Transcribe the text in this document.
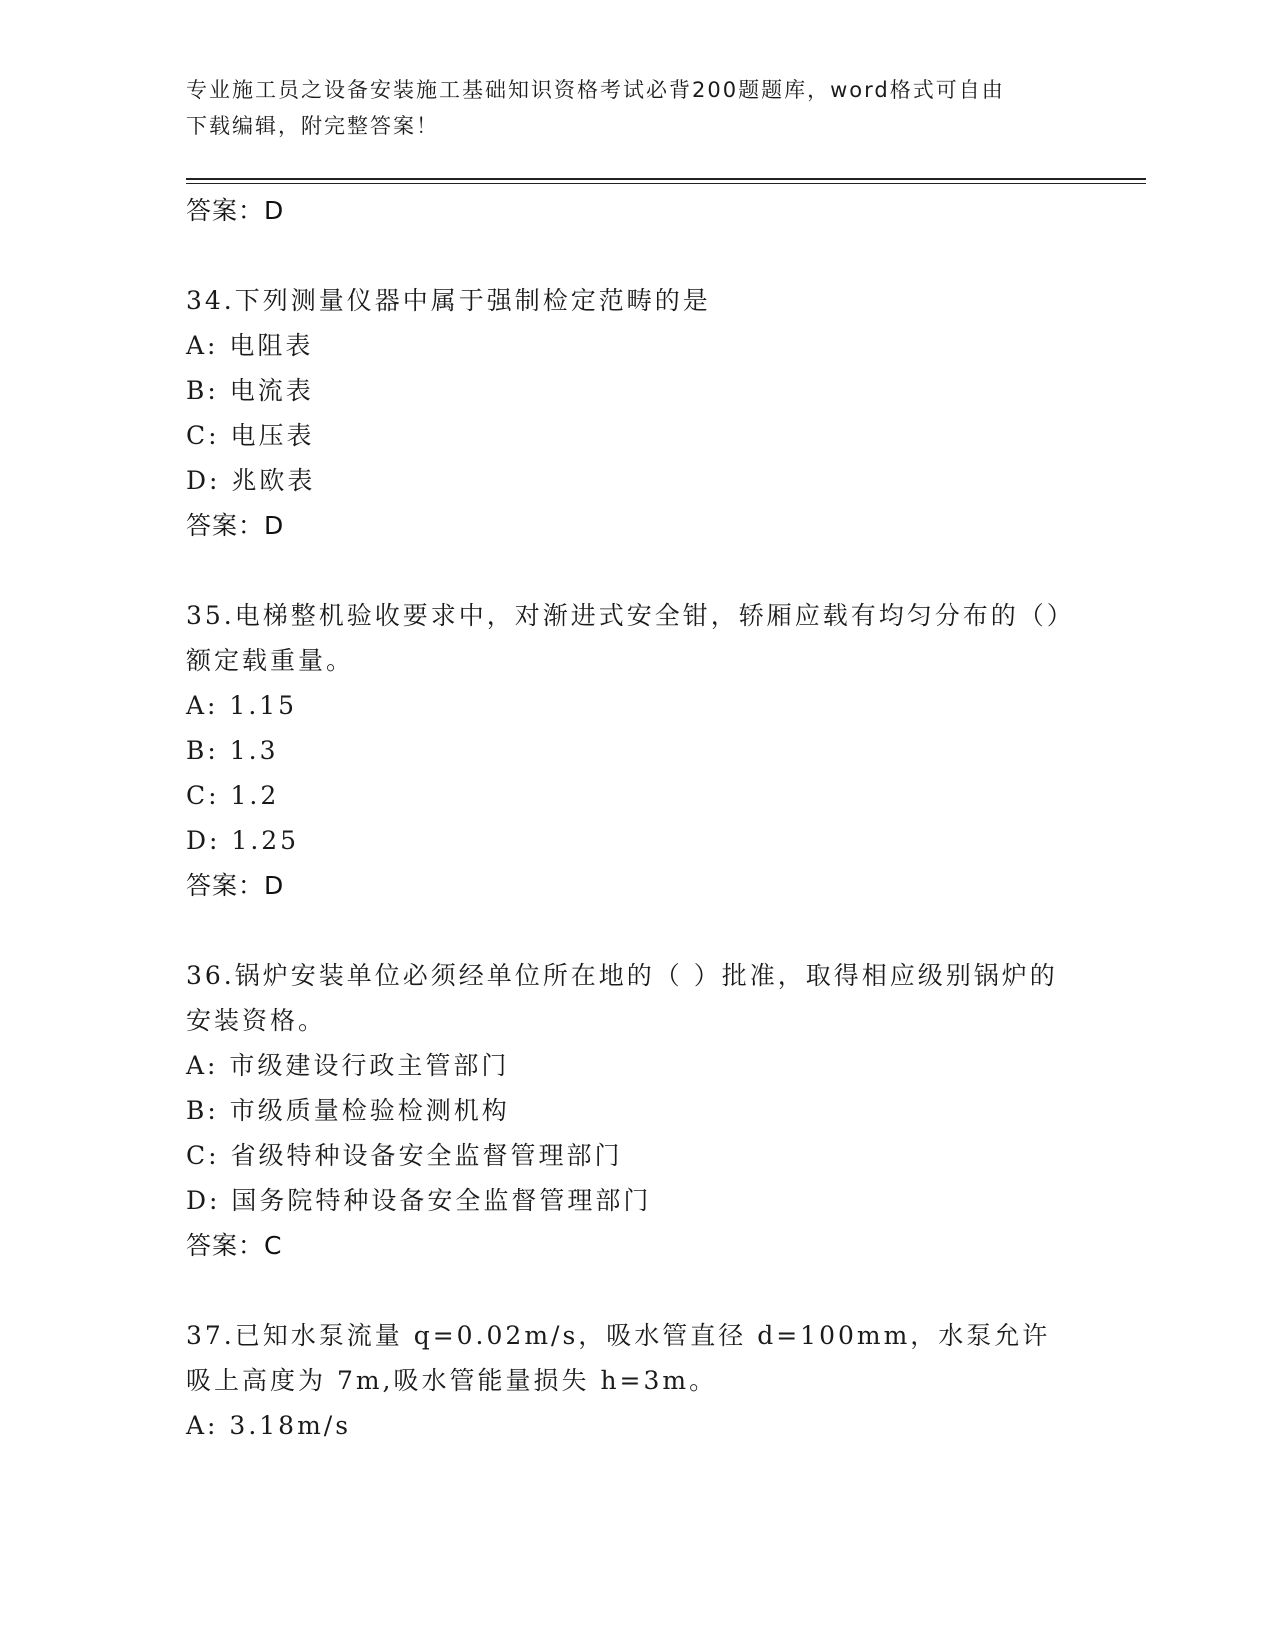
专业施工员之设备安装施工基础知识资格考试必背200题题库，word格式可自由
下载编辑，附完整答案！
答案：D
34.下列测量仪器中属于强制检定范畴的是
A: 电阻表
B: 电流表
C: 电压表
D: 兆欧表
答案：D
35.电梯整机验收要求中，对渐进式安全钳，轿厢应载有均匀分布的（）额定载重量。
A: 1.15
B: 1.3
C: 1.2
D: 1.25
答案：D
36.锅炉安装单位必须经单位所在地的（ ）批准，取得相应级别锅炉的安装资格。
A: 市级建设行政主管部门
B: 市级质量检验检测机构
C: 省级特种设备安全监督管理部门
D: 国务院特种设备安全监督管理部门
答案：C
37.已知水泵流量 q=0.02m/s，吸水管直径 d=100mm，水泵允许吸上高度为 7m,吸水管能量损失 h=3m。
A: 3.18m/s
